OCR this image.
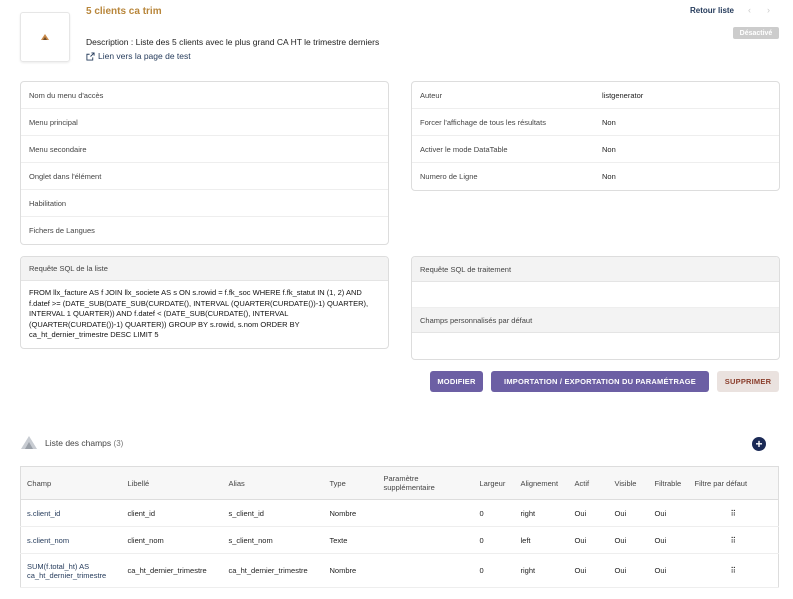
5 clients ca trim
Description : Liste des 5 clients avec le plus grand CA HT le trimestre derniers
Lien vers la page de test
Retour liste ‹ ›
Désactivé
Nom du menu d'accès
Menu principal
Menu secondaire
Onglet dans l'élément
Habilitation
Fichers de Langues
Auteur	listgenerator
Forcer l'affichage de tous les résultats	Non
Activer le mode DataTable	Non
Numero de Ligne	Non
Requête SQL de la liste
FROM llx_facture AS f JOIN llx_societe AS s ON s.rowid = f.fk_soc WHERE f.fk_statut IN (1, 2) AND f.datef >= (DATE_SUB(DATE_SUB(CURDATE(), INTERVAL (QUARTER(CURDATE())-1) QUARTER), INTERVAL 1 QUARTER)) AND f.datef < (DATE_SUB(CURDATE(), INTERVAL (QUARTER(CURDATE())-1) QUARTER)) GROUP BY s.rowid, s.nom ORDER BY ca_ht_dernier_trimestre DESC LIMIT 5
Requête SQL de traitement
Champs personnalisés par défaut
MODIFIER	IMPORTATION / EXPORTATION DU PARAMÉTRAGE	SUPPRIMER
Liste des champs (3)	+
Champ	Libellé	Alias	Type	Paramètre supplémentaire	Largeur	Alignement	Actif	Visible	Filtrable	Filtre par défaut
s.client_id	client_id	s_client_id	Nombre		0	right	Oui	Oui	Oui	⠿
s.client_nom	client_nom	s_client_nom	Texte		0	left	Oui	Oui	Oui	⠿
SUM(f.total_ht) AS ca_ht_dernier_trimestre	ca_ht_dernier_trimestre	ca_ht_dernier_trimestre	Nombre		0	right	Oui	Oui	Oui	⠿
